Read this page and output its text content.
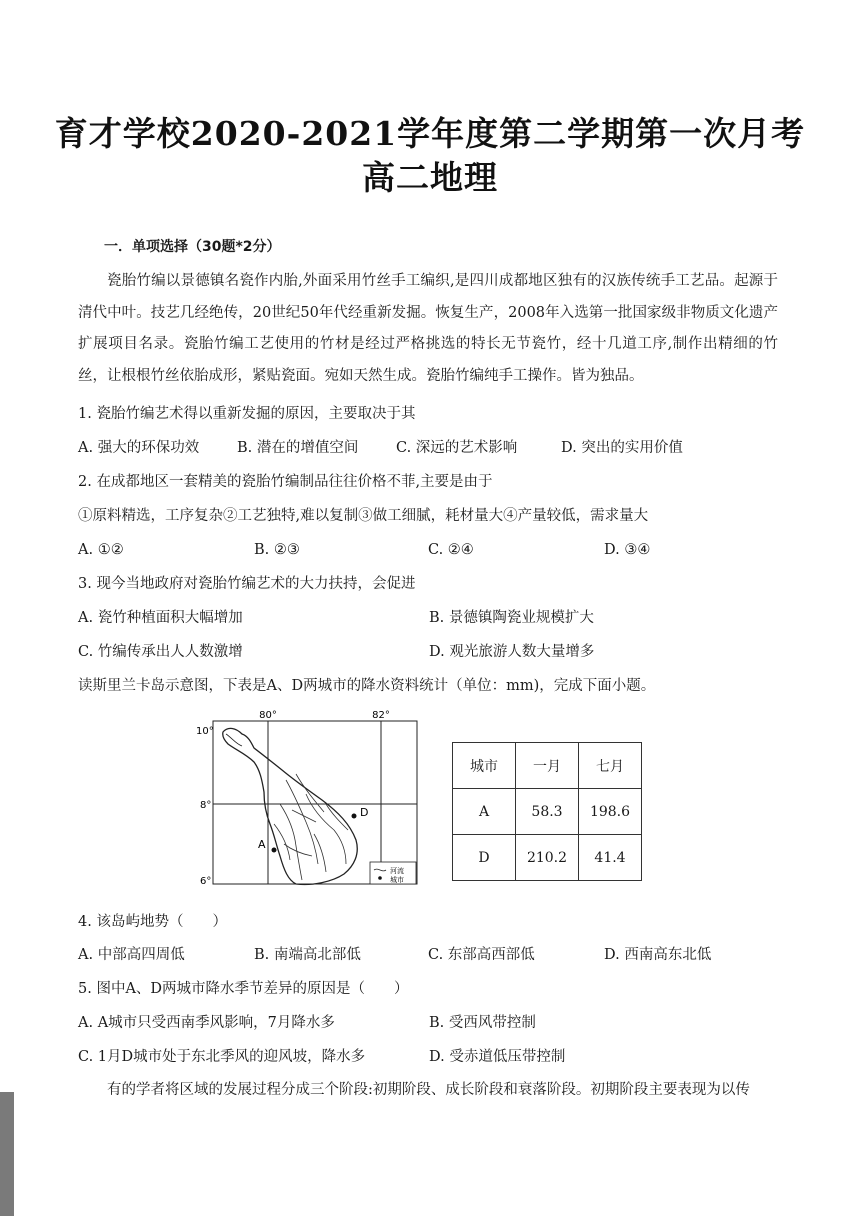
育才学校2020-2021学年度第二学期第一次月考
高二地理
一．单项选择（30题*2分）

瓷胎竹编以景德镇名瓷作内胎,外面采用竹丝手工编织,是四川成都地区独有的汉族传统手工艺品。起源于清代中叶。技艺几经绝传，20世纪50年代经重新发掘。恢复生产，2008年入选第一批国家级非物质文化遗产扩展项目名录。瓷胎竹编工艺使用的竹材是经过严格挑选的特长无节瓷竹，经十几道工序,制作出精细的竹丝，让根根竹丝依胎成形，紧贴瓷面。宛如天然生成。瓷胎竹编纯手工操作。皆为独品。

1. 瓷胎竹编艺术得以重新发掘的原因，主要取决于其
A. 强大的环保功效	B. 潜在的增值空间	C. 深远的艺术影响	D. 突出的实用价值
2. 在成都地区一套精美的瓷胎竹编制品往往价格不菲,主要是由于
①原料精选，工序复杂②工艺独特,难以复制③做工细腻，耗材量大④产量较低，需求量大
A. ①②	B. ②③	C. ②④	D. ③④
3. 现今当地政府对瓷胎竹编艺术的大力扶持，会促进
A. 瓷竹种植面积大幅增加	B. 景德镇陶瓷业规模扩大
C. 竹编传承出人人数激增	D. 观光旅游人数大量增多
读斯里兰卡岛示意图，下表是A、D两城市的降水资料统计（单位：mm)，完成下面小题。
A
D
80°	82°
10°
8°
6°
河流
城市
城市	一月	七月
A	58.3	198.6
D	210.2	41.4
4. 该岛屿地势（　　）
A. 中部高四周低	B. 南端高北部低	C. 东部高西部低	D. 西南高东北低
5. 图中A、D两城市降水季节差异的原因是（　　）
A. A城市只受西南季风影响，7月降水多	B. 受西风带控制
C. 1月D城市处于东北季风的迎风坡，降水多	D. 受赤道低压带控制

有的学者将区域的发展过程分成三个阶段:初期阶段、成长阶段和衰落阶段。初期阶段主要表现为以传
